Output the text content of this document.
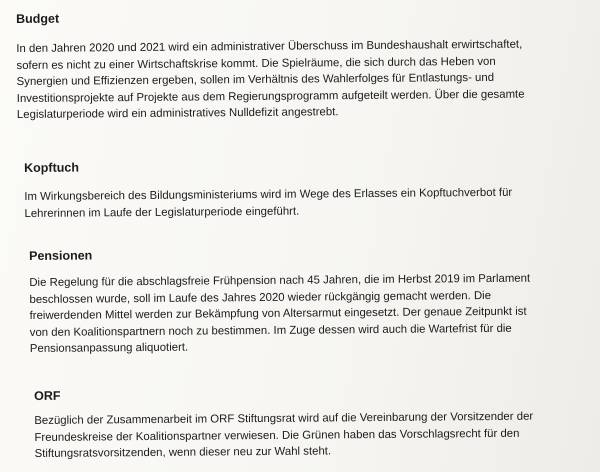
Budget

In den Jahren 2020 und 2021 wird ein administrativer Überschuss im Bundeshaushalt erwirtschaftet,
sofern es nicht zu einer Wirtschaftskrise kommt. Die Spielräume, die sich durch das Heben von
Synergien und Effizienzen ergeben, sollen im Verhältnis des Wahlerfolges für Entlastungs- und
Investitionsprojekte auf Projekte aus dem Regierungsprogramm aufgeteilt werden. Über die gesamte
Legislaturperiode wird ein administratives Nulldefizit angestrebt.

Kopftuch

Im Wirkungsbereich des Bildungsministeriums wird im Wege des Erlasses ein Kopftuchverbot für
Lehrerinnen im Laufe der Legislaturperiode eingeführt.

Pensionen

Die Regelung für die abschlagsfreie Frühpension nach 45 Jahren, die im Herbst 2019 im Parlament
beschlossen wurde, soll im Laufe des Jahres 2020 wieder rückgängig gemacht werden. Die
freiwerdenden Mittel werden zur Bekämpfung von Altersarmut eingesetzt. Der genaue Zeitpunkt ist
von den Koalitionspartnern noch zu bestimmen. Im Zuge dessen wird auch die Wartefrist für die
Pensionsanpassung aliquotiert.

ORF

Bezüglich der Zusammenarbeit im ORF Stiftungsrat wird auf die Vereinbarung der Vorsitzender der
Freundeskreise der Koalitionspartner verwiesen. Die Grünen haben das Vorschlagsrecht für den
Stiftungsratsvorsitzenden, wenn dieser neu zur Wahl steht.
